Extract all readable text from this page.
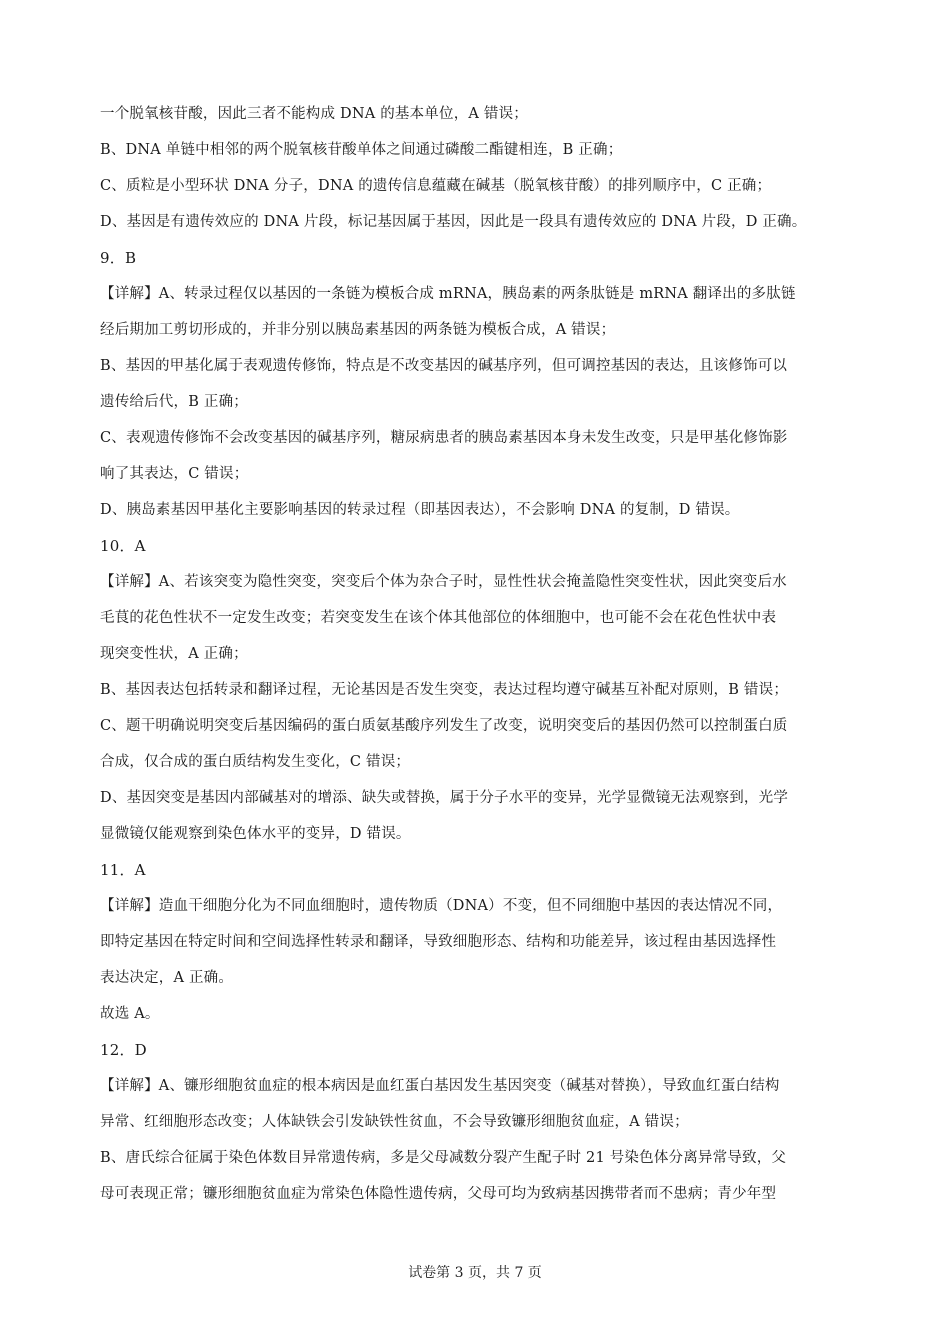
一个脱氧核苷酸，因此三者不能构成 DNA 的基本单位，A 错误；
B、DNA 单链中相邻的两个脱氧核苷酸单体之间通过磷酸二酯键相连，B 正确；
C、质粒是小型环状 DNA 分子，DNA 的遗传信息蕴藏在碱基（脱氧核苷酸）的排列顺序中，C 正确；
D、基因是有遗传效应的 DNA 片段，标记基因属于基因，因此是一段具有遗传效应的 DNA 片段，D 正确。
9．B
【详解】A、转录过程仅以基因的一条链为模板合成 mRNA，胰岛素的两条肽链是 mRNA 翻译出的多肽链
经后期加工剪切形成的，并非分别以胰岛素基因的两条链为模板合成，A 错误；
B、基因的甲基化属于表观遗传修饰，特点是不改变基因的碱基序列，但可调控基因的表达，且该修饰可以
遗传给后代，B 正确；
C、表观遗传修饰不会改变基因的碱基序列，糖尿病患者的胰岛素基因本身未发生改变，只是甲基化修饰影
响了其表达，C 错误；
D、胰岛素基因甲基化主要影响基因的转录过程（即基因表达），不会影响 DNA 的复制，D 错误。
10．A
【详解】A、若该突变为隐性突变，突变后个体为杂合子时，显性性状会掩盖隐性突变性状，因此突变后水
毛茛的花色性状不一定发生改变；若突变发生在该个体其他部位的体细胞中，也可能不会在花色性状中表
现突变性状，A 正确；
B、基因表达包括转录和翻译过程，无论基因是否发生突变，表达过程均遵守碱基互补配对原则，B 错误；
C、题干明确说明突变后基因编码的蛋白质氨基酸序列发生了改变，说明突变后的基因仍然可以控制蛋白质
合成，仅合成的蛋白质结构发生变化，C 错误；
D、基因突变是基因内部碱基对的增添、缺失或替换，属于分子水平的变异，光学显微镜无法观察到，光学
显微镜仅能观察到染色体水平的变异，D 错误。
11．A
【详解】造血干细胞分化为不同血细胞时，遗传物质（DNA）不变，但不同细胞中基因的表达情况不同，
即特定基因在特定时间和空间选择性转录和翻译，导致细胞形态、结构和功能差异，该过程由基因选择性
表达决定，A 正确。
故选 A。
12．D
【详解】A、镰形细胞贫血症的根本病因是血红蛋白基因发生基因突变（碱基对替换），导致血红蛋白结构
异常、红细胞形态改变；人体缺铁会引发缺铁性贫血，不会导致镰形细胞贫血症，A 错误；
B、唐氏综合征属于染色体数目异常遗传病，多是父母减数分裂产生配子时 21 号染色体分离异常导致，父
母可表现正常；镰形细胞贫血症为常染色体隐性遗传病，父母可均为致病基因携带者而不患病；青少年型
试卷第 3 页，共 7 页
